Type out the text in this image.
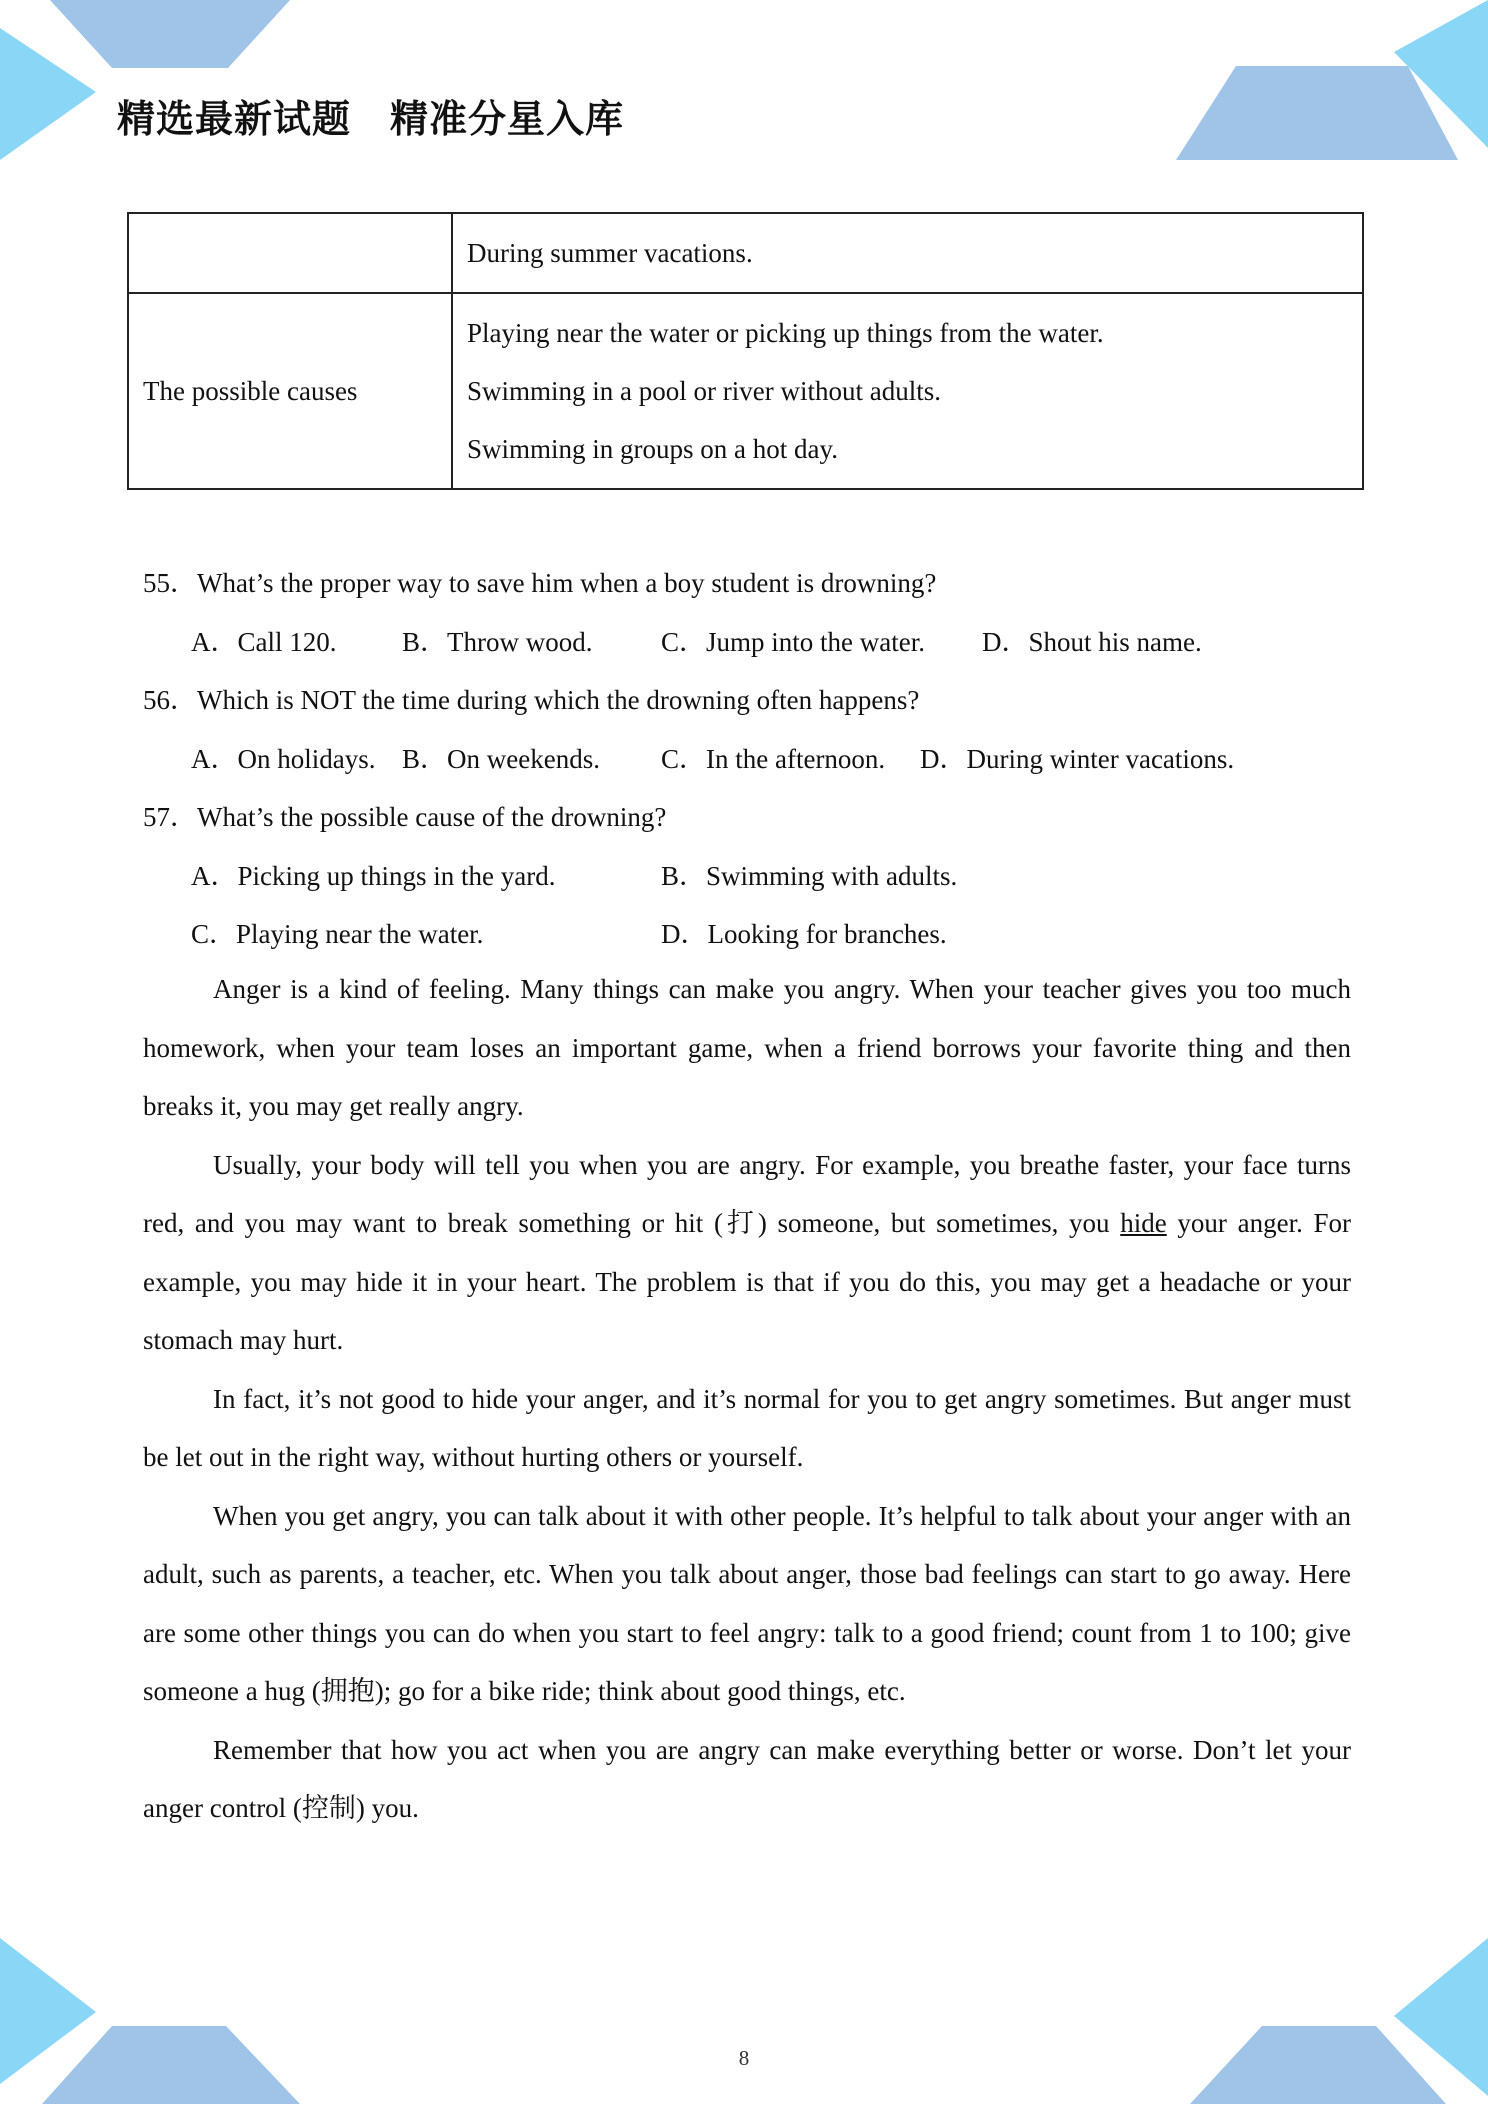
精选最新试题　精准分星入库

	During summer vacations.

The possible causes	Playing near the water or picking up things from the water.
Swimming in a pool or river without adults.
Swimming in groups on a hot day.
55．What’s the proper way to save him when a boy student is drowning?
A．Call 120. B．Throw wood.	C．Jump into the water. D．Shout his name.
56．Which is NOT the time during which the drowning often happens?
A．On holidays. B．On weekends. C．In the afternoon. D．During winter vacations.
57．What’s the possible cause of the drowning?
A．Picking up things in the yard.	B．Swimming with adults.
C．Playing near the water.	D．Looking for branches.

Anger is a kind of feeling. Many things can make you angry. When your teacher gives you too much homework, when your team loses an important game, when a friend borrows your favorite thing and then breaks it, you may get really angry.

Usually, your body will tell you when you are angry. For example, you breathe faster, your face turns red, and you may want to break something or hit (打) someone, but sometimes, you hide your anger. For example, you may hide it in your heart. The problem is that if you do this, you may get a headache or your stomach may hurt.

In fact, it’s not good to hide your anger, and it’s normal for you to get angry sometimes. But anger must be let out in the right way, without hurting others or yourself.

When you get angry, you can talk about it with other people. It’s helpful to talk about your anger with an adult, such as parents, a teacher, etc. When you talk about anger, those bad feelings can start to go away. Here are some other things you can do when you start to feel angry: talk to a good friend; count from 1 to 100; give someone a hug (拥抱); go for a bike ride; think about good things, etc.

Remember that how you act when you are angry can make everything better or worse. Don’t let your anger control (控制) you.

8
